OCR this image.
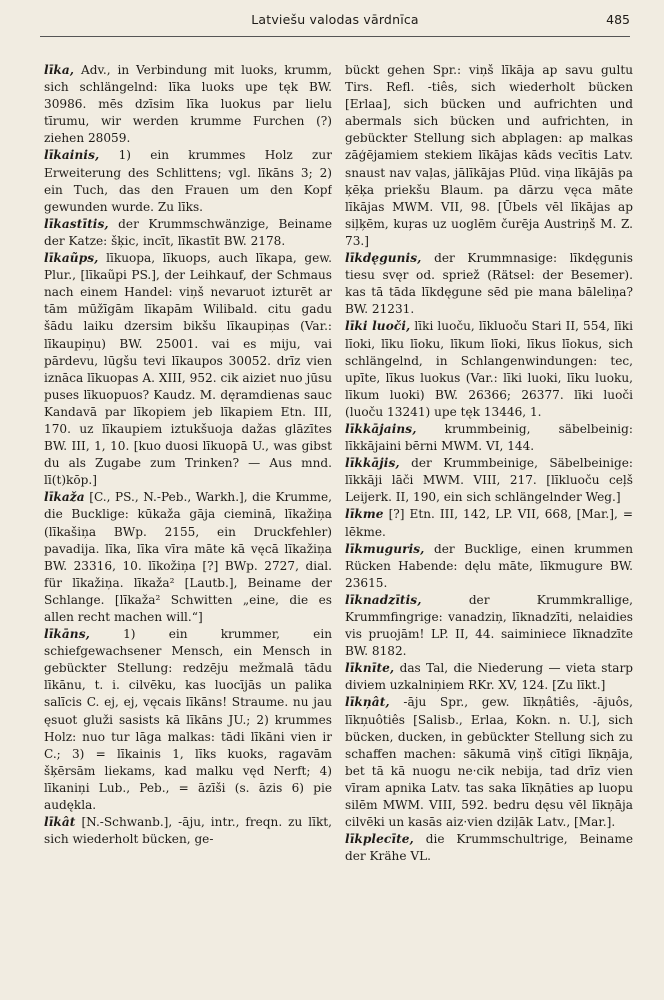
Latviešu valodas vārdnīca	485

līka, Adv., in Verbindung mit luoks, krumm, sich schlängelnd: līka luoks upe tęk BW. 30986. mēs dzīsim līka luokus par lielu tīrumu, wir werden krumme Furchen (?) ziehen 28059.

līkainis, 1) ein krummes Holz zur Erweiterung des Schlittens; vgl. līkāns 3; 2) ein Tuch, das den Frauen um den Kopf gewunden wurde. Zu līks.

līkastītis, der Krummschwänzige, Beiname der Katze: šķic, incīt, līkastīt BW. 2178.

līkaũps, līkuopa, līkuops, auch līkapa, gew. Plur., [līkaũpi PS.], der Leihkauf, der Schmaus nach einem Handel: viņš nevaruot izturēt ar tām mūžīgām līkapām Wilibald. citu gadu šādu laiku dzersim bikšu līkaupiņas (Var.: līkaupiņu) BW. 25001. vai es miju, vai pārdevu, lūgšu tevi līkaupos 30052. drīz vien iznāca līkuopas A. XIII, 952. cik aiziet nuo jūsu puses līkuopuos? Kaudz. M. dęramdienas sauc Kandavā par līkopiem jeb līkapiem Etn. III, 170. uz līkaupiem iztukšuoja dažas glāzītes BW. III, 1, 10. [kuo duosi līkuopā U., was gibst du als Zugabe zum Trinken? — Aus mnd. lī(t)kōp.]

līkaža [C., PS., N.-Peb., Warkh.], die Krumme, die Bucklige: kūkaža gāja cieminā, līkažiņa (līkašiņa BWp. 2155, ein Druckfehler) pavadija. līka, līka vīra māte kā vęcā līkažiņa BW. 23316, 10. līkožiņa [?] BWp. 2727, dial. für līkažiņa. līkaža² [Lautb.], Beiname der Schlange. [līkaža² Schwitten „eine, die es allen recht machen will.“]

līkāns, 1) ein krummer, ein schiefgewachsener Mensch, ein Mensch in gebückter Stellung: redzēju mežmalā tādu līkānu, t. i. cilvēku, kas luocījās un palika salīcis C. ej, ej, vęcais līkāns! Straume. nu jau ęsuot gluži sasists kā līkāns JU.; 2) krummes Holz: nuo tur lāga malkas: tādi līkāni vien ir C.; 3) = līkainis 1, līks kuoks, ragavām šķērsām liekams, kad malku vęd Nerft; 4) līkaniņi Lub., Peb., = āzīši (s. āzis 6) pie audękla.

līkât [N.-Schwanb.], -āju, intr., freqn. zu līkt, sich wiederholt bücken, ge-

bückt gehen Spr.: viņš līkāja ap savu gultu Tirs. Refl. -tiês, sich wiederholt bücken [Erlaa], sich bücken und aufrichten und abermals sich bücken und aufrichten, in gebückter Stellung sich abplagen: ap malkas zāģējamiem stekiem līkājas kāds vecītis Latv. snaust nav vaļas, jālīkājas Plūd. viņa līkājās pa ķēķa priekšu Blaum. pa dārzu vęca māte līkājas MWM. VII, 98. [Ūbels vēl līkājas ap siļķēm, kuŗas uz uoglēm čurēja Austriņš M. Z. 73.]

līkdęgunis, der Krummnasige: līkdęgunis tiesu svęr od. spriež (Rätsel: der Besemer). kas tā tāda līkdęgune sēd pie mana bāleliņa? BW. 21231.

līki luoči, līki luoču, līkluoču Stari II, 554, līki līoki, līku līoku, līkum līoki, līkus līokus, sich schlängelnd, in Schlangenwindungen: tec, upīte, līkus luokus (Var.: līki luoki, līku luoku, līkum luoki) BW. 26366; 26377. līki luoči (luoču 13241) upe tęk 13446, 1.

līkkājains, krummbeinig, säbelbeinig: līkkājaini bērni MWM. VI, 144.

līkkājis, der Krummbeinige, Säbelbeinige: līkkāji lāči MWM. VIII, 217. [līkluoču ceļš Leijerk. II, 190, ein sich schlängelnder Weg.]

līkme [?] Etn. III, 142, LP. VII, 668, [Mar.], = lēkme.

līkmuguris, der Bucklige, einen krummen Rücken Habende: dęlu māte, līkmugure BW. 23615.

līknadzītis, der Krummkrallige, Krummfingrige: vanadziņ, līknadzīti, nelaidies vis pruojām! LP. II, 44. saiminiece līknadzīte BW. 8182.

līknīte, das Tal, die Niederung — vieta starp diviem uzkalniņiem RKr. XV, 124. [Zu līkt.]

līkņât, -āju Spr., gew. līkņâtiês, -ājuôs, līkņuôtiês [Salisb., Erlaa, Kokn. n. U.], sich bücken, ducken, in gebückter Stellung sich zu schaffen machen: sākumā viņš cītīgi līkņāja, bet tā kā nuogu ne‧cik nebija, tad drīz vien vīram apnika Latv. tas saka līkņāties ap luopu silēm MWM. VIII, 592. bedru dęsu vēl līkņāja cilvēki un kasās aiz‧vien dziļāk Latv., [Mar.].

līkplecīte, die Krummschultrige, Beiname der Krähe VL.
